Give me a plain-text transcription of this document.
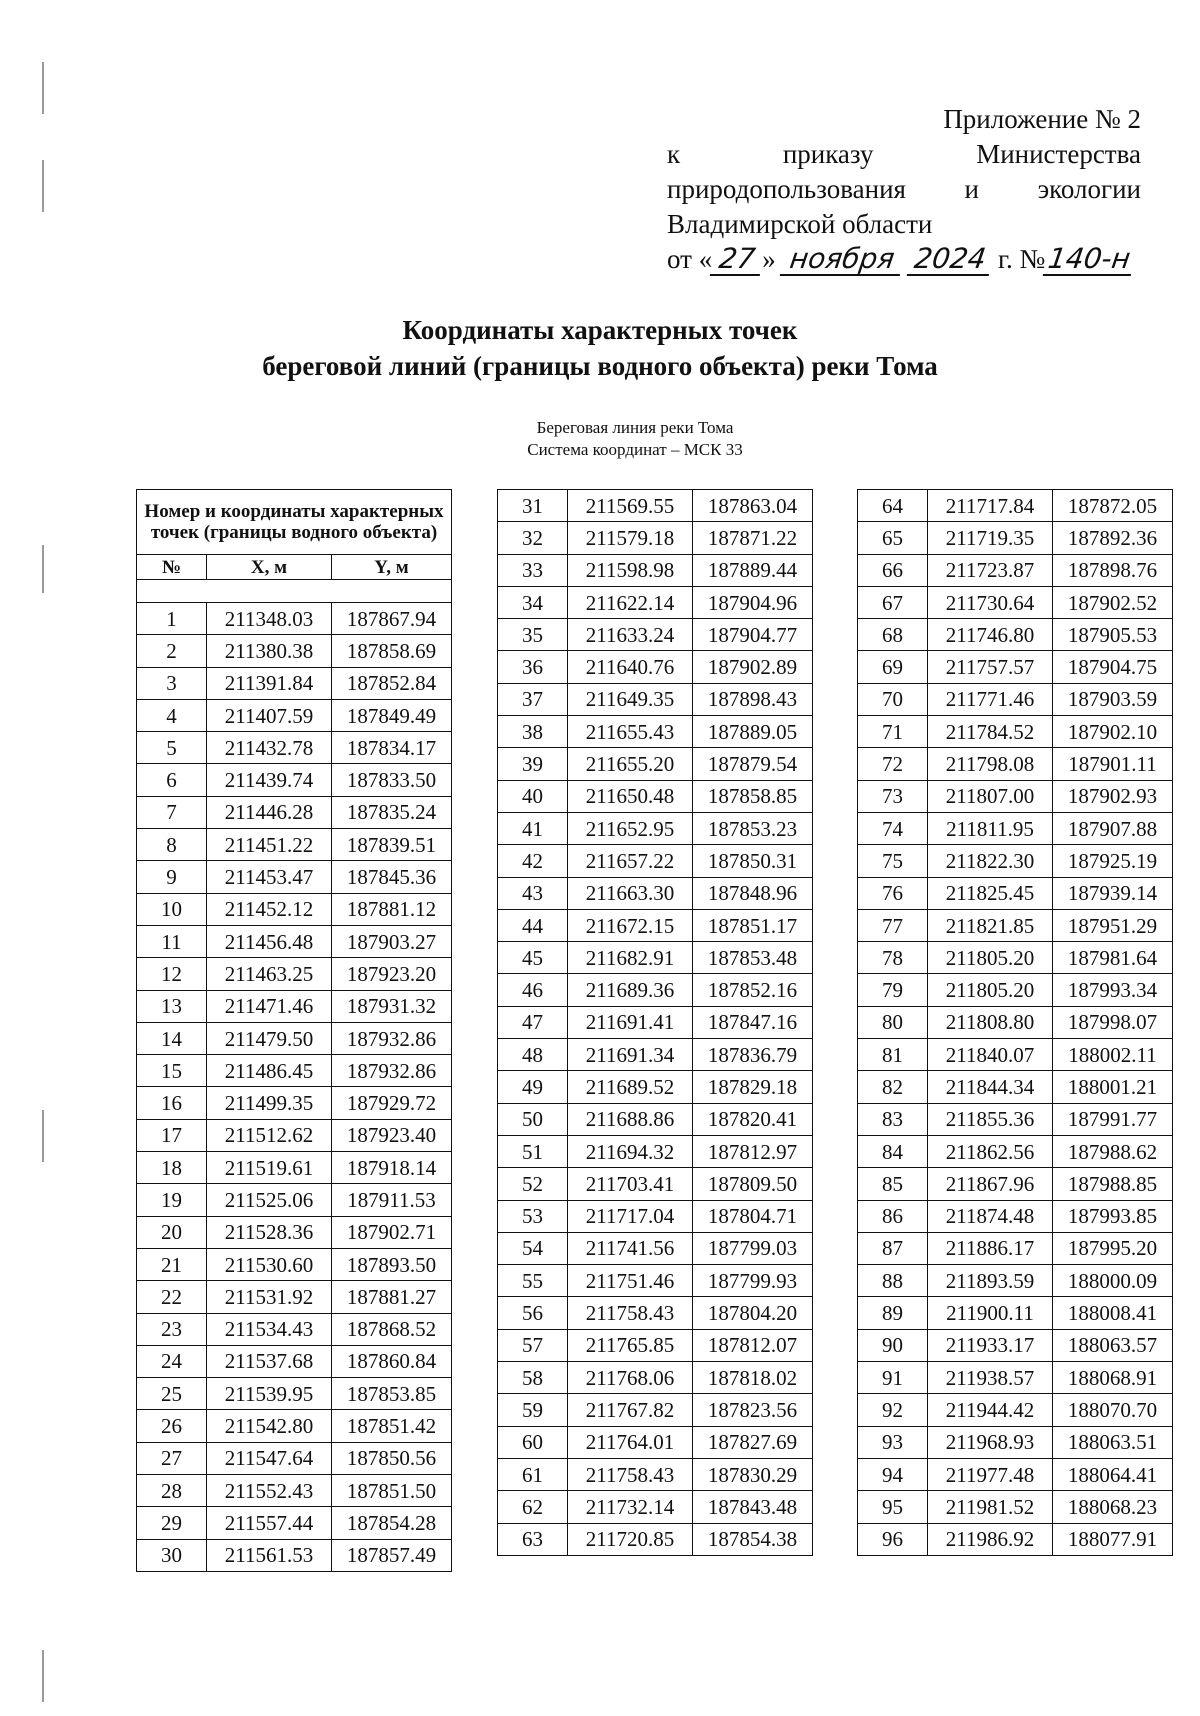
Приложение № 2
к	приказу	Министерства
природопользования и экологии
Владимирской области
от « 27 » ноября 2024 г. №140-н
Координаты характерных точек
береговой линий (границы водного объекта) реки Тома
Береговая линия реки Тома
Система координат – МСК 33
Номер и координаты характерных точек (границы водного объекта)		
№	X, м	Y, м

1	211348.03	187867.94
2	211380.38	187858.69
3	211391.84	187852.84
4	211407.59	187849.49
5	211432.78	187834.17
6	211439.74	187833.50
7	211446.28	187835.24
8	211451.22	187839.51
9	211453.47	187845.36
10	211452.12	187881.12
11	211456.48	187903.27
12	211463.25	187923.20
13	211471.46	187931.32
14	211479.50	187932.86
15	211486.45	187932.86
16	211499.35	187929.72
17	211512.62	187923.40
18	211519.61	187918.14
19	211525.06	187911.53
20	211528.36	187902.71
21	211530.60	187893.50
22	211531.92	187881.27
23	211534.43	187868.52
24	211537.68	187860.84
25	211539.95	187853.85
26	211542.80	187851.42
27	211547.64	187850.56
28	211552.43	187851.50
29	211557.44	187854.28
30	211561.53	187857.49
31	211569.55	187863.04
32	211579.18	187871.22
33	211598.98	187889.44
34	211622.14	187904.96
35	211633.24	187904.77
36	211640.76	187902.89
37	211649.35	187898.43
38	211655.43	187889.05
39	211655.20	187879.54
40	211650.48	187858.85
41	211652.95	187853.23
42	211657.22	187850.31
43	211663.30	187848.96
44	211672.15	187851.17
45	211682.91	187853.48
46	211689.36	187852.16
47	211691.41	187847.16
48	211691.34	187836.79
49	211689.52	187829.18
50	211688.86	187820.41
51	211694.32	187812.97
52	211703.41	187809.50
53	211717.04	187804.71
54	211741.56	187799.03
55	211751.46	187799.93
56	211758.43	187804.20
57	211765.85	187812.07
58	211768.06	187818.02
59	211767.82	187823.56
60	211764.01	187827.69
61	211758.43	187830.29
62	211732.14	187843.48
63	211720.85	187854.38
64	211717.84	187872.05
65	211719.35	187892.36
66	211723.87	187898.76
67	211730.64	187902.52
68	211746.80	187905.53
69	211757.57	187904.75
70	211771.46	187903.59
71	211784.52	187902.10
72	211798.08	187901.11
73	211807.00	187902.93
74	211811.95	187907.88
75	211822.30	187925.19
76	211825.45	187939.14
77	211821.85	187951.29
78	211805.20	187981.64
79	211805.20	187993.34
80	211808.80	187998.07
81	211840.07	188002.11
82	211844.34	188001.21
83	211855.36	187991.77
84	211862.56	187988.62
85	211867.96	187988.85
86	211874.48	187993.85
87	211886.17	187995.20
88	211893.59	188000.09
89	211900.11	188008.41
90	211933.17	188063.57
91	211938.57	188068.91
92	211944.42	188070.70
93	211968.93	188063.51
94	211977.48	188064.41
95	211981.52	188068.23
96	211986.92	188077.91
